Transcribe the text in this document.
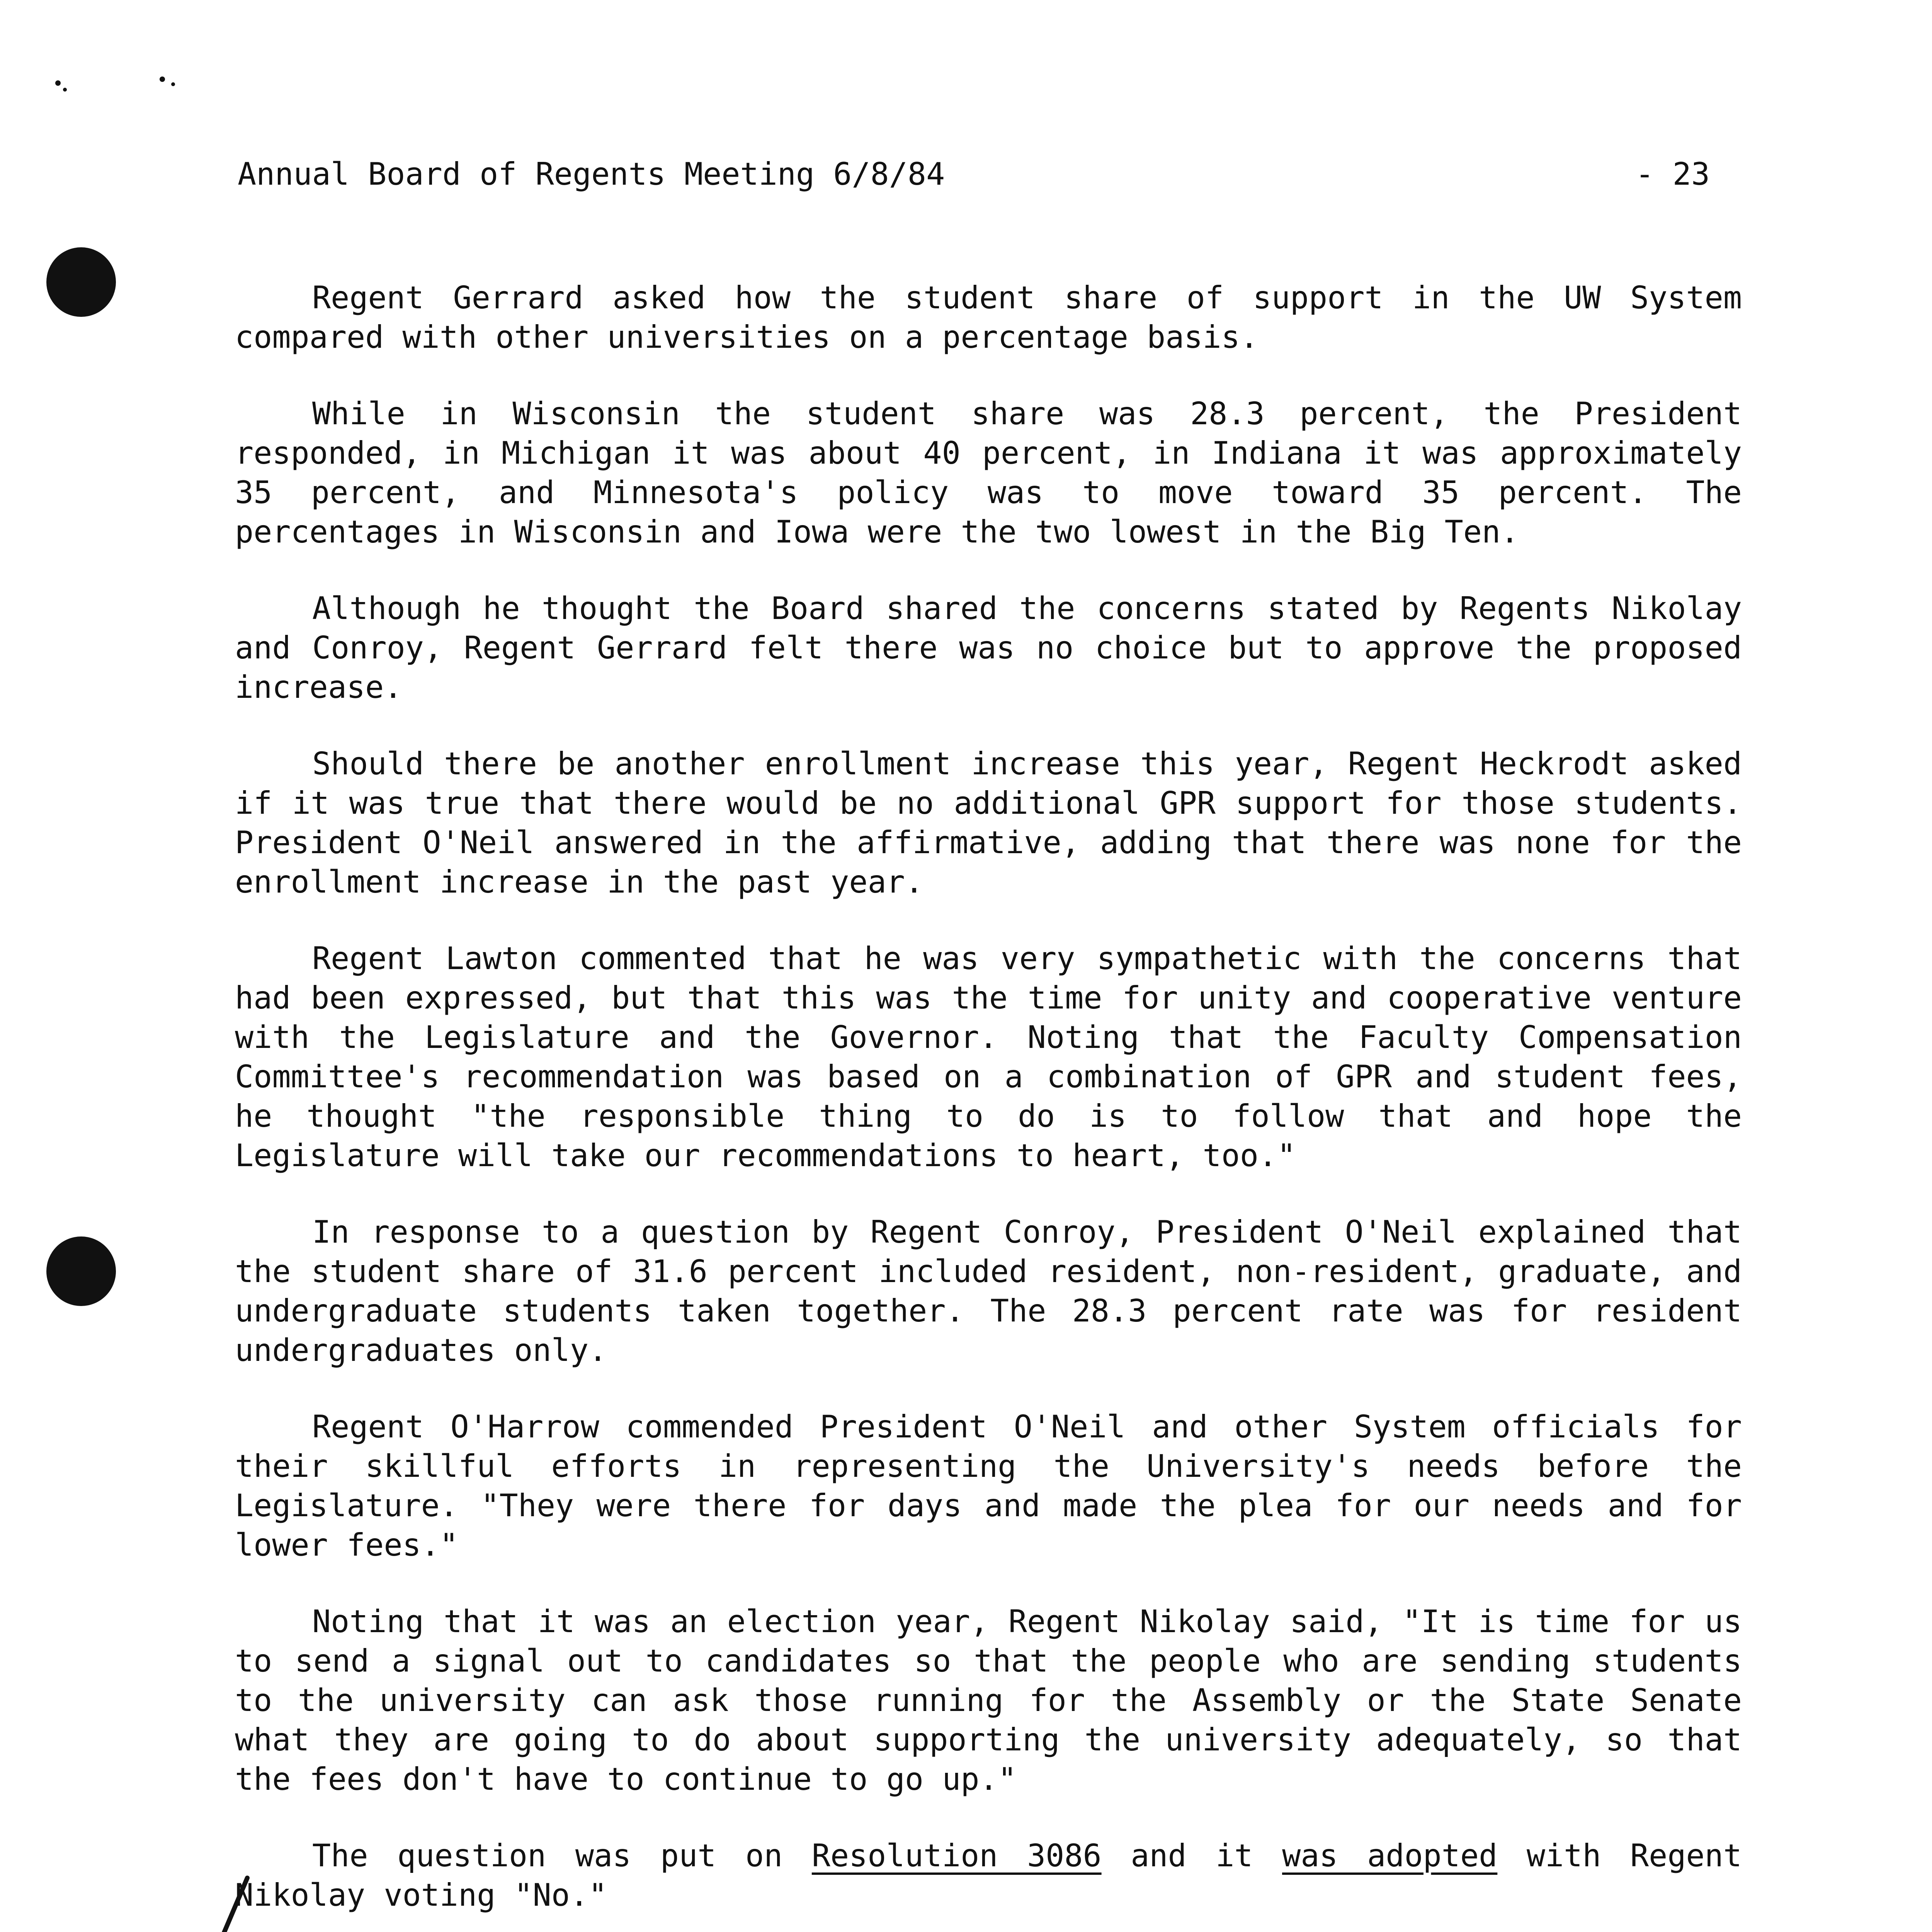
Annual Board of Regents Meeting 6/8/84	- 23

Regent Gerrard asked how the student share of support in the UW System compared with other universities on a percentage basis.

While in Wisconsin the student share was 28.3 percent, the President responded, in Michigan it was about 40 percent, in Indiana it was approximately 35 percent, and Minnesota's policy was to move toward 35 percent. The percentages in Wisconsin and Iowa were the two lowest in the Big Ten.

Although he thought the Board shared the concerns stated by Regents Nikolay and Conroy, Regent Gerrard felt there was no choice but to approve the proposed increase.

Should there be another enrollment increase this year, Regent Heckrodt asked if it was true that there would be no additional GPR support for those students. President O'Neil answered in the affirmative, adding that there was none for the enrollment increase in the past year.

Regent Lawton commented that he was very sympathetic with the concerns that had been expressed, but that this was the time for unity and cooperative venture with the Legislature and the Governor. Noting that the Faculty Compensation Committee's recommendation was based on a combination of GPR and student fees, he thought "the responsible thing to do is to follow that and hope the Legislature will take our recommendations to heart, too."

In response to a question by Regent Conroy, President O'Neil explained that the student share of 31.6 percent included resident, non-resident, graduate, and undergraduate students taken together. The 28.3 percent rate was for resident undergraduates only.

Regent O'Harrow commended President O'Neil and other System officials for their skillful efforts in representing the University's needs before the Legislature. "They were there for days and made the plea for our needs and for lower fees."

Noting that it was an election year, Regent Nikolay said, "It is time for us to send a signal out to candidates so that the people who are sending students to the university can ask those running for the Assembly or the State Senate what they are going to do about supporting the university adequately, so that the fees don't have to continue to go up."

The question was put on Resolution 3086 and it was adopted with Regent Nikolay voting "No."
